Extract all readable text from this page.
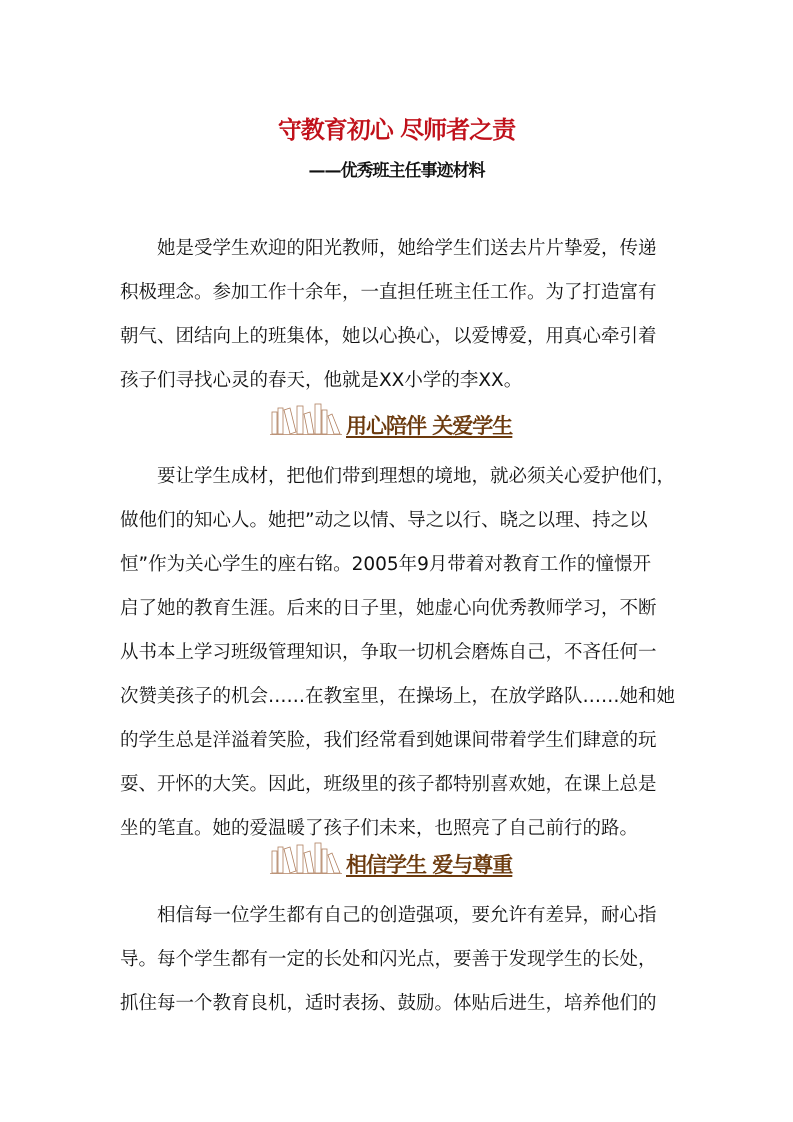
守教育初心 尽师者之责
——优秀班主任事迹材料
　　她是受学生欢迎的阳光教师，她给学生们送去片片挚爱，传递
积极理念。参加工作十余年，一直担任班主任工作。为了打造富有
朝气、团结向上的班集体，她以心换心，以爱博爱，用真心牵引着
孩子们寻找心灵的春天，他就是XX小学的李XX。
用心陪伴 关爱学生
　　要让学生成材，把他们带到理想的境地，就必须关心爱护他们，
做他们的知心人。她把”动之以情、导之以行、晓之以理、持之以
恒”作为关心学生的座右铭。2005年9月带着对教育工作的憧憬开
启了她的教育生涯。后来的日子里，她虚心向优秀教师学习，不断
从书本上学习班级管理知识，争取一切机会磨炼自己，不吝任何一
次赞美孩子的机会……在教室里，在操场上，在放学路队……她和她
的学生总是洋溢着笑脸，我们经常看到她课间带着学生们肆意的玩
耍、开怀的大笑。因此，班级里的孩子都特别喜欢她，在课上总是
坐的笔直。她的爱温暖了孩子们未来，也照亮了自己前行的路。
相信学生 爱与尊重
　　相信每一位学生都有自己的创造强项，要允许有差异，耐心指
导。每个学生都有一定的长处和闪光点，要善于发现学生的长处，
抓住每一个教育良机，适时表扬、鼓励。体贴后进生，培养他们的
